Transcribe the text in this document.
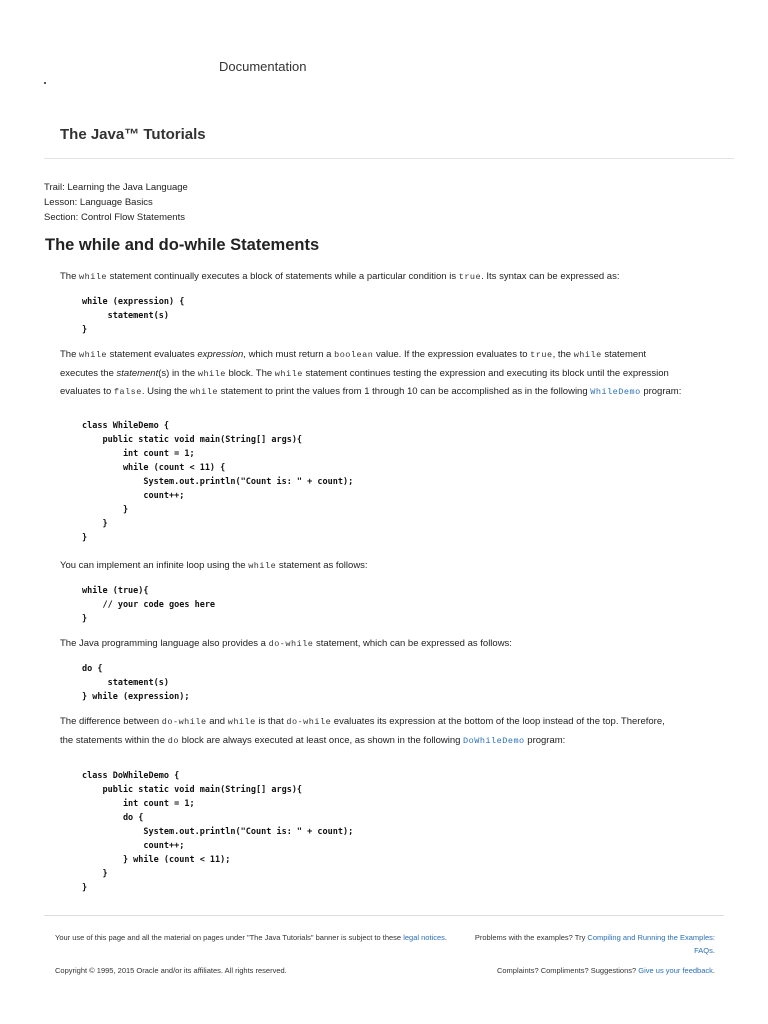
Documentation
The Java™ Tutorials
Trail: Learning the Java Language
Lesson: Language Basics
Section: Control Flow Statements
The while and do-while Statements
The while statement continually executes a block of statements while a particular condition is true. Its syntax can be expressed as:
while (expression) {
statement(s)
}
The while statement evaluates expression, which must return a boolean value. If the expression evaluates to true, the while statement
executes the statement(s) in the while block. The while statement continues testing the expression and executing its block until the expression
evaluates to false. Using the while statement to print the values from 1 through 10 can be accomplished as in the following WhileDemo program:
class WhileDemo {
public static void main(String[] args){
int count = 1;
while (count < 11) {
System.out.println("Count is: " + count);
count++;
}
}
}
You can implement an infinite loop using the while statement as follows:
while (true){
// your code goes here
}
The Java programming language also provides a do-while statement, which can be expressed as follows:
do {
statement(s)
} while (expression);
The difference between do-while and while is that do-while evaluates its expression at the bottom of the loop instead of the top. Therefore,
the statements within the do block are always executed at least once, as shown in the following DoWhileDemo program:
class DoWhileDemo {
public static void main(String[] args){
int count = 1;
do {
System.out.println("Count is: " + count);
count++;
} while (count < 11);
}
}
Your use of this page and all the material on pages under "The Java Tutorials" banner is subject to these legal notices.
Copyright © 1995, 2015 Oracle and/or its affiliates. All rights reserved.
Problems with the examples? Try Compiling and Running the Examples: FAQs.
Complaints? Compliments? Suggestions? Give us your feedback.
